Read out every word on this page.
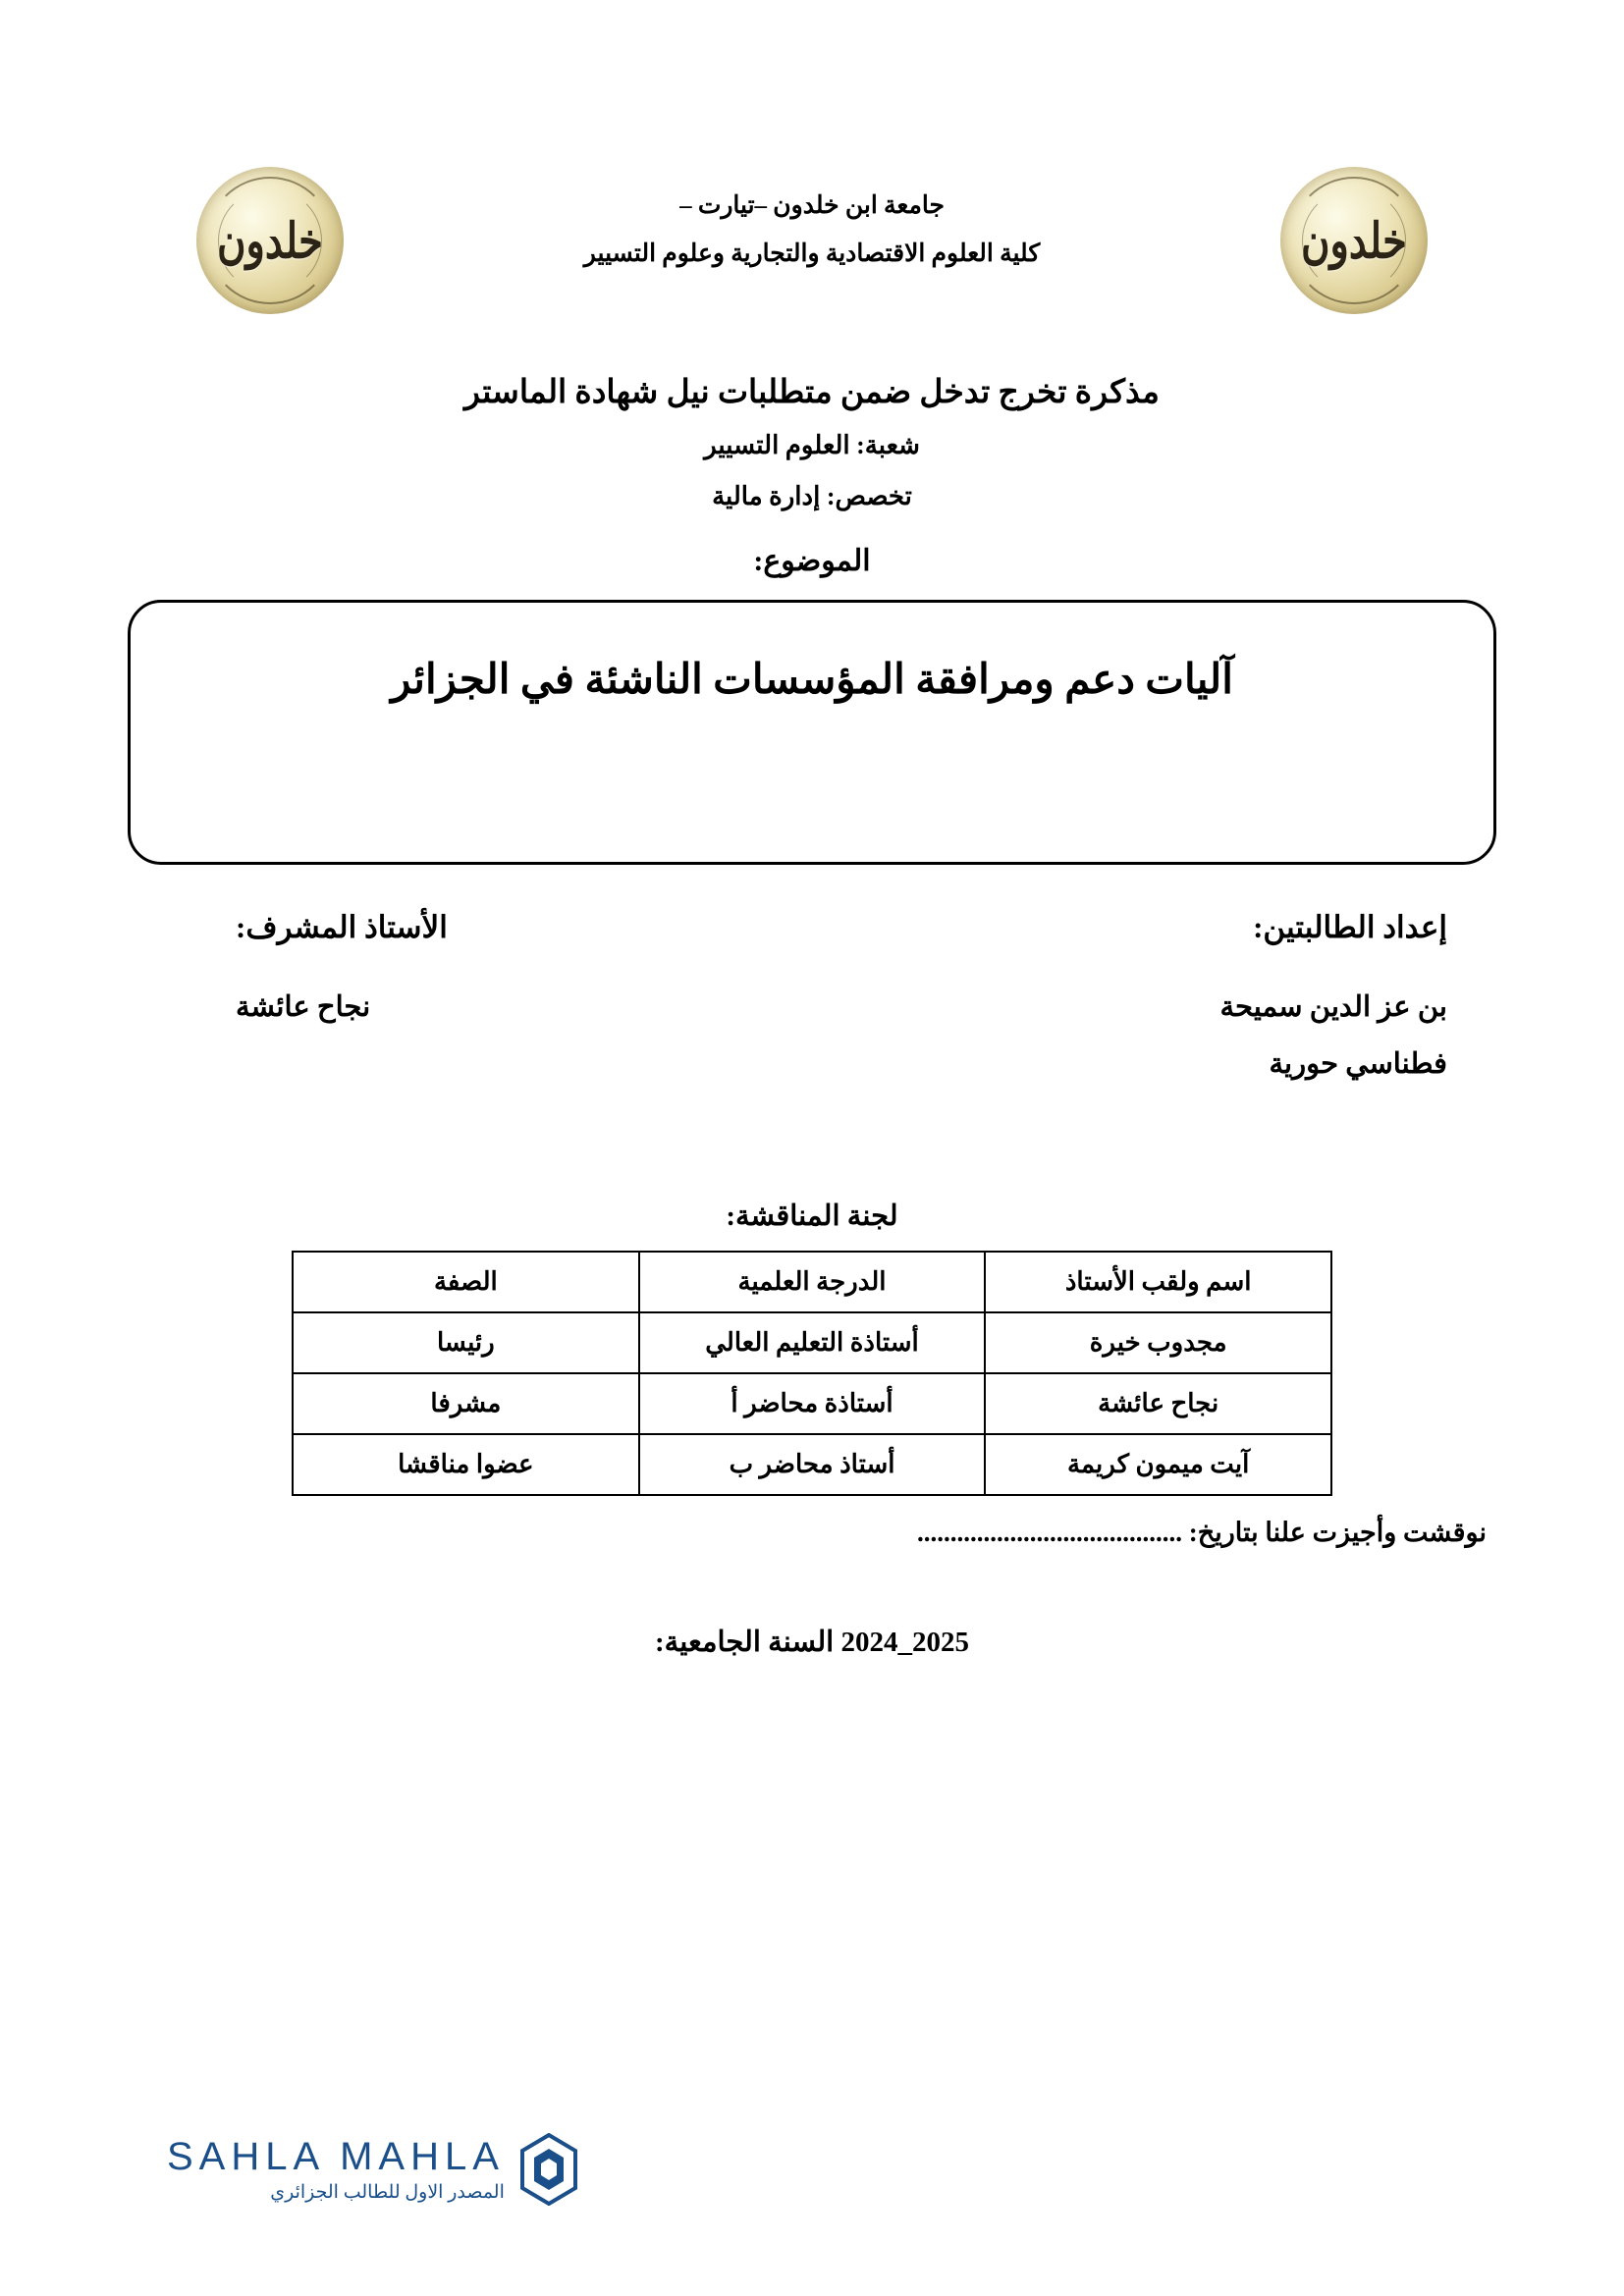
خلدون
خلدون
جامعة ابن خلدون –تيارت –
كلية العلوم الاقتصادية والتجارية وعلوم التسيير
مذكرة تخرج تدخل ضمن متطلبات نيل شهادة الماستر
شعبة: العلوم التسيير
تخصص: إدارة مالية
الموضوع:
آليات دعم ومرافقة المؤسسات الناشئة في الجزائر
إعداد الطالبتين:
بن عز الدين سميحة
فطناسي حورية
الأستاذ المشرف:
نجاح عائشة
لجنة المناقشة:
اسم ولقب الأستاذ	الدرجة العلمية	الصفة
مجدوب خيرة	أستاذة التعليم العالي	رئيسا
نجاح عائشة	أستاذة محاضر أ	مشرفا
آيت ميمون كريمة	أستاذ محاضر ب	عضوا مناقشا
نوقشت وأجيزت علنا بتاريخ: ........................................
2025_2024 السنة الجامعية:
SAHLA MAHLA
المصدر الاول للطالب الجزائري
